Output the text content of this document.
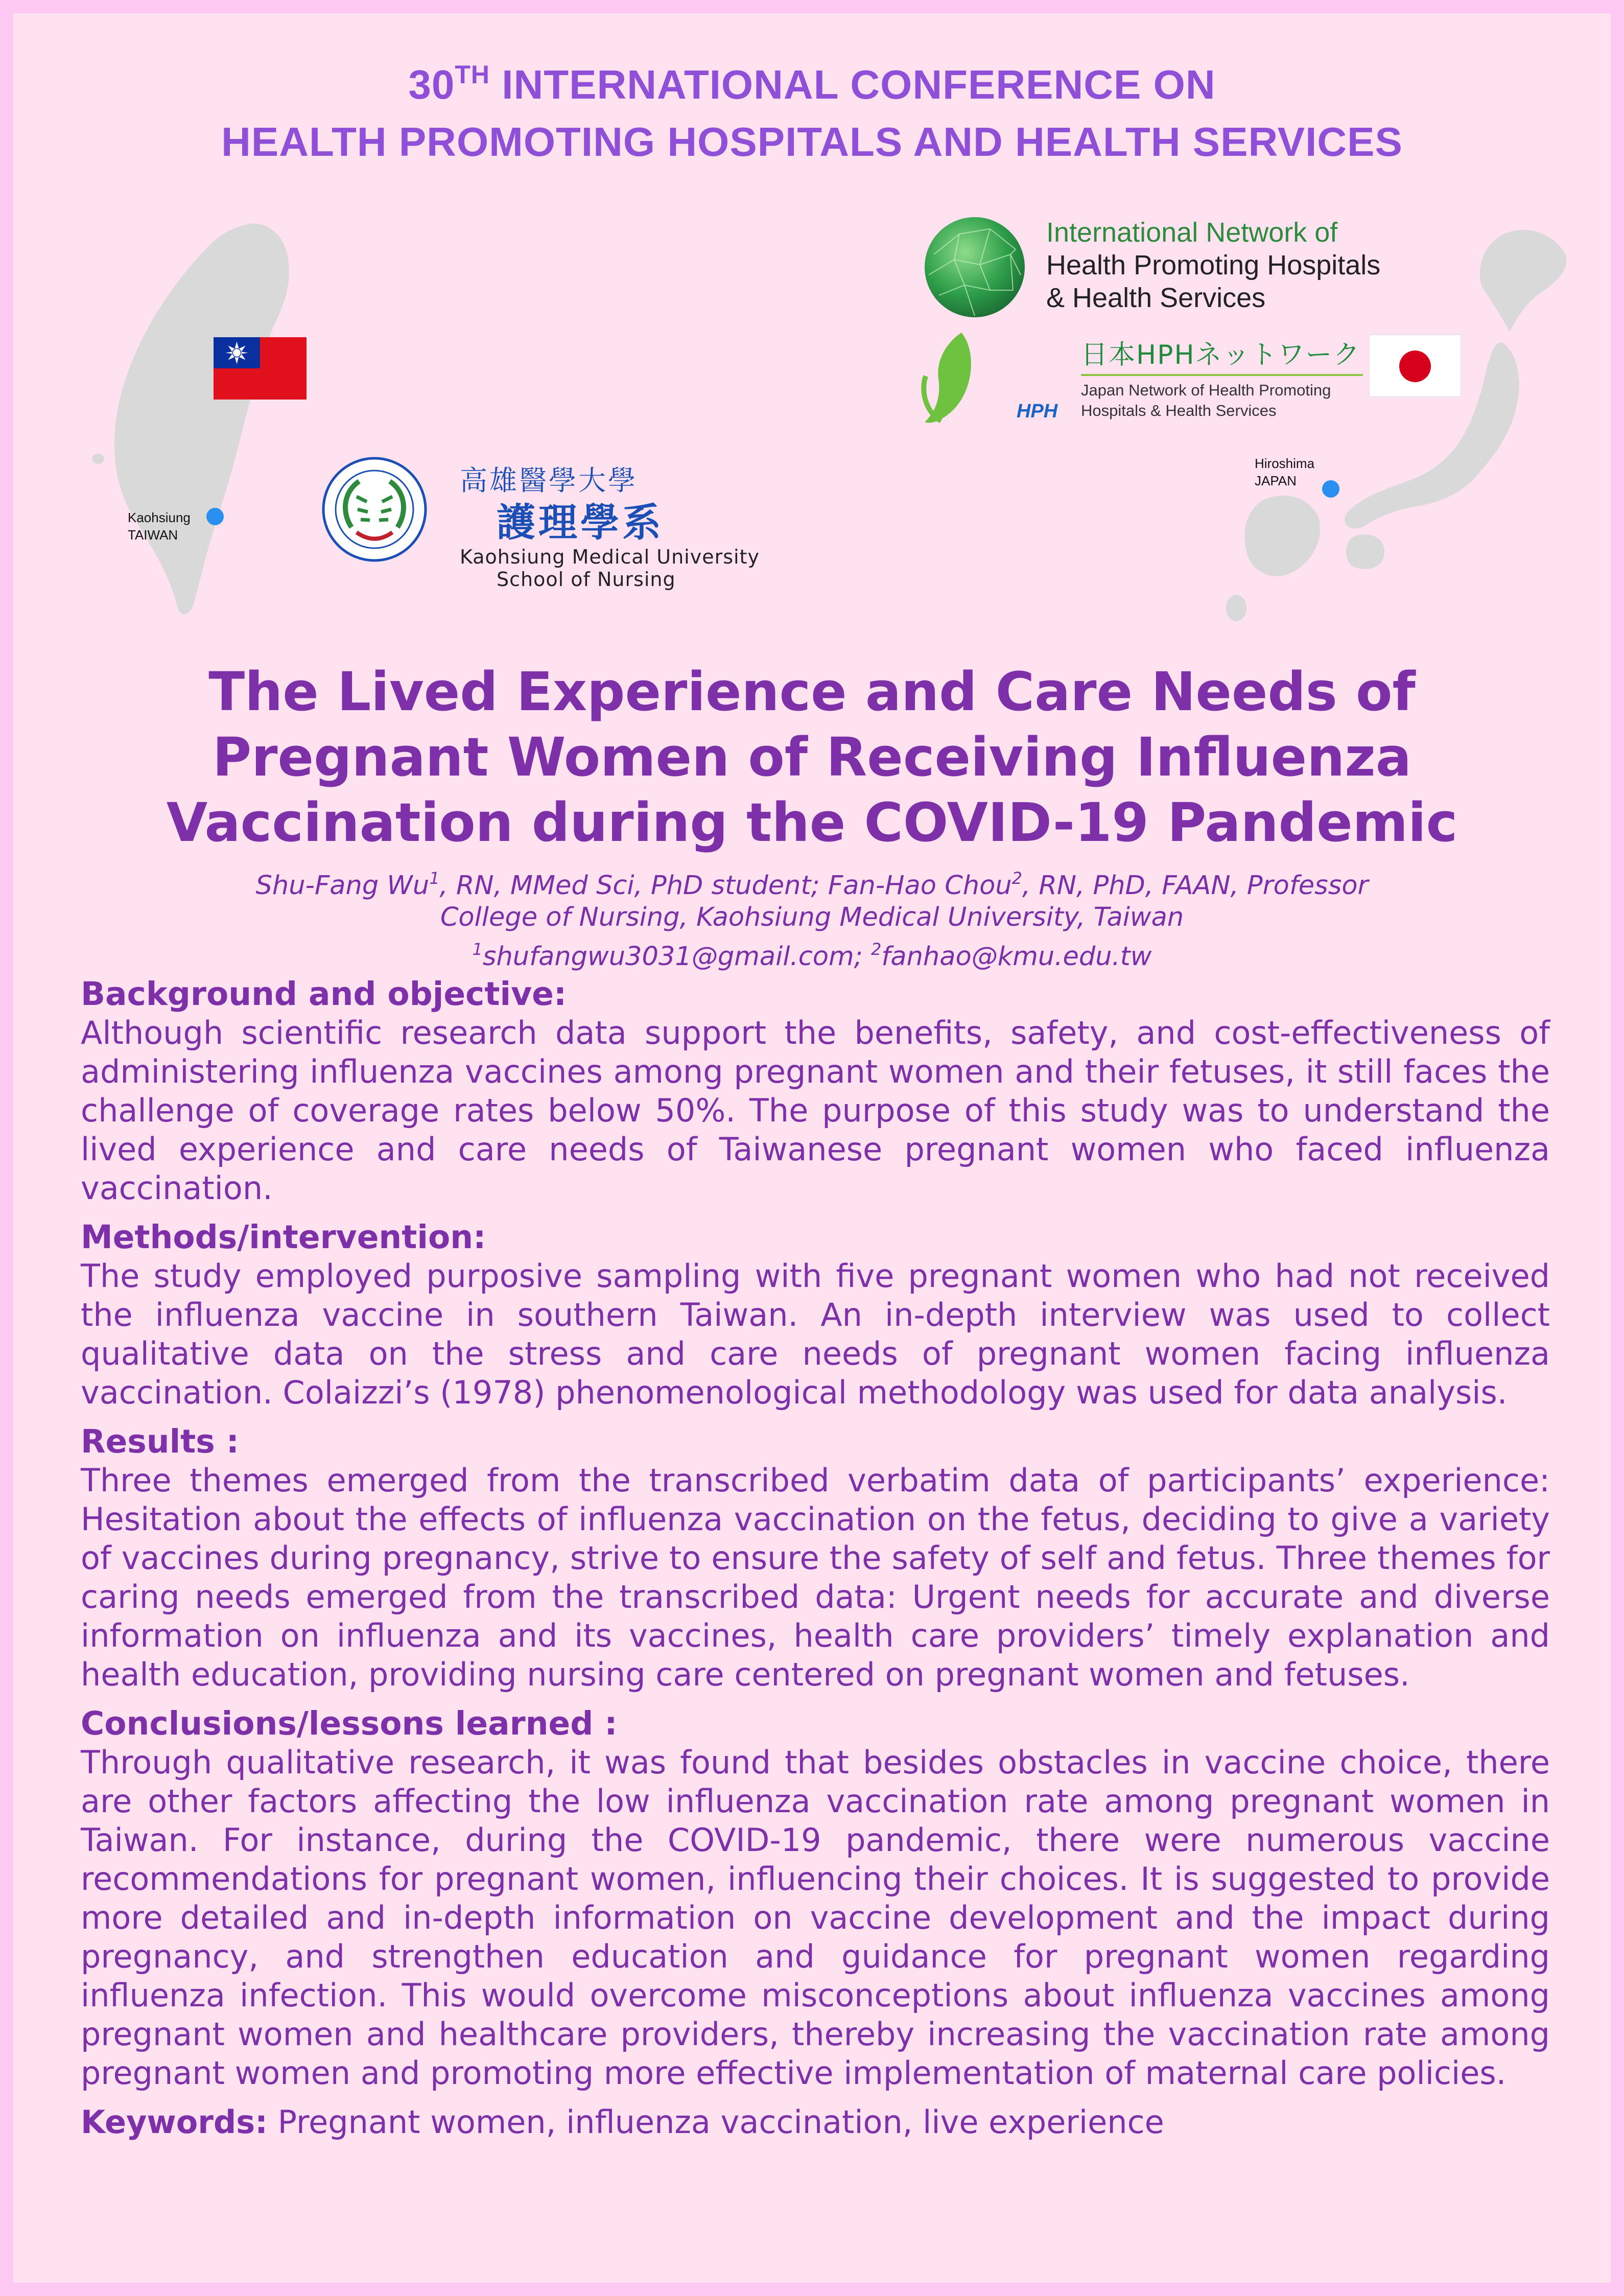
30TH INTERNATIONAL CONFERENCE ON
HEALTH PROMOTING HOSPITALS AND HEALTH SERVICES
Kaohsiung
TAIWAN
高雄醫學大學
護理學系
Kaohsiung Medical University
School of Nursing
Hiroshima
JAPAN
International Network of
Health Promoting Hospitals
& Health Services
HPH
日本HPHネットワーク
Japan Network of Health Promoting
Hospitals & Health Services
The Lived Experience and Care Needs of
Pregnant Women of Receiving Influenza
Vaccination during the COVID-19 Pandemic
Shu-Fang Wu$^1$, RN, MMed Sci, PhD student; Fan-Hao Chou$^2$, RN, PhD, FAAN, Professor
College of Nursing, Kaohsiung Medical University, Taiwan
$^1$shufangwu3031@gmail.com; $^2$fanhao@kmu.edu.tw
Background and objective:

Although scientific research data support the benefits, safety, and cost-effectiveness of administering influenza vaccines among pregnant women and their fetuses, it still faces the challenge of coverage rates below 50%. The purpose of this study was to understand the lived experience and care needs of Taiwanese pregnant women who faced influenza vaccination.

Methods/intervention:

The study employed purposive sampling with five pregnant women who had not received the influenza vaccine in southern Taiwan. An in-depth interview was used to collect qualitative data on the stress and care needs of pregnant women facing influenza vaccination. Colaizzi’s (1978) phenomenological methodology was used for data analysis.

Results :

Three themes emerged from the transcribed verbatim data of participants’ experience: Hesitation about the effects of influenza vaccination on the fetus, deciding to give a variety of vaccines during pregnancy, strive to ensure the safety of self and fetus. Three themes for caring needs emerged from the transcribed data: Urgent needs for accurate and diverse information on influenza and its vaccines, health care providers’ timely explanation and health education, providing nursing care centered on pregnant women and fetuses.

Conclusions/lessons learned :

Through qualitative research, it was found that besides obstacles in vaccine choice, there are other factors affecting the low influenza vaccination rate among pregnant women in Taiwan. For instance, during the COVID-19 pandemic, there were numerous vaccine recommendations for pregnant women, influencing their choices. It is suggested to provide more detailed and in-depth information on vaccine development and the impact during pregnancy, and strengthen education and guidance for pregnant women regarding influenza infection. This would overcome misconceptions about influenza vaccines among pregnant women and healthcare providers, thereby increasing the vaccination rate among pregnant women and promoting more effective implementation of maternal care policies.

Keywords: Pregnant women, influenza vaccination, live experience
